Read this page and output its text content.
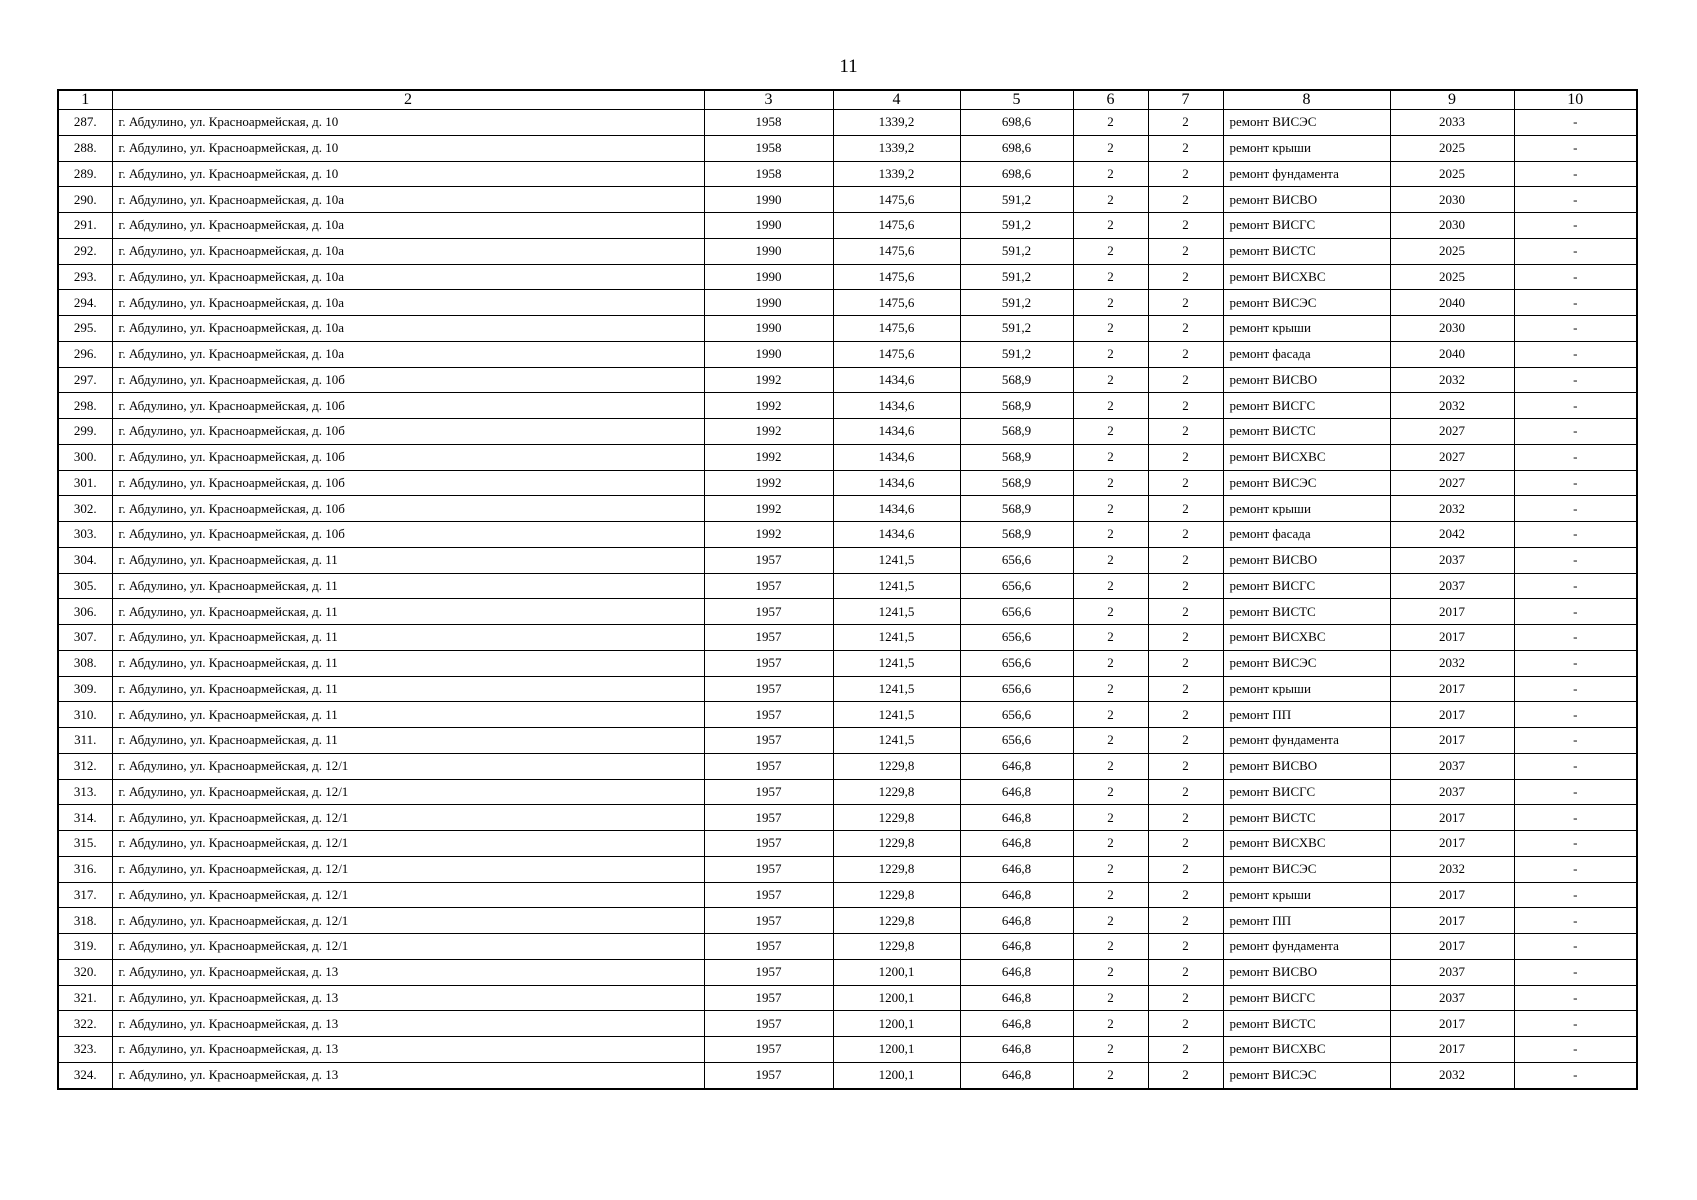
11
1	2	3	4	5	6	7	8	9	10
287.	г. Абдулино, ул. Красноармейская, д. 10	1958	1339,2	698,6	2	2	ремонт ВИСЭС	2033	-
288.	г. Абдулино, ул. Красноармейская, д. 10	1958	1339,2	698,6	2	2	ремонт крыши	2025	-
289.	г. Абдулино, ул. Красноармейская, д. 10	1958	1339,2	698,6	2	2	ремонт фундамента	2025	-
290.	г. Абдулино, ул. Красноармейская, д. 10а	1990	1475,6	591,2	2	2	ремонт ВИСВО	2030	-
291.	г. Абдулино, ул. Красноармейская, д. 10а	1990	1475,6	591,2	2	2	ремонт ВИСГС	2030	-
292.	г. Абдулино, ул. Красноармейская, д. 10а	1990	1475,6	591,2	2	2	ремонт ВИСТС	2025	-
293.	г. Абдулино, ул. Красноармейская, д. 10а	1990	1475,6	591,2	2	2	ремонт ВИСХВС	2025	-
294.	г. Абдулино, ул. Красноармейская, д. 10а	1990	1475,6	591,2	2	2	ремонт ВИСЭС	2040	-
295.	г. Абдулино, ул. Красноармейская, д. 10а	1990	1475,6	591,2	2	2	ремонт крыши	2030	-
296.	г. Абдулино, ул. Красноармейская, д. 10а	1990	1475,6	591,2	2	2	ремонт фасада	2040	-
297.	г. Абдулино, ул. Красноармейская, д. 10б	1992	1434,6	568,9	2	2	ремонт ВИСВО	2032	-
298.	г. Абдулино, ул. Красноармейская, д. 10б	1992	1434,6	568,9	2	2	ремонт ВИСГС	2032	-
299.	г. Абдулино, ул. Красноармейская, д. 10б	1992	1434,6	568,9	2	2	ремонт ВИСТС	2027	-
300.	г. Абдулино, ул. Красноармейская, д. 10б	1992	1434,6	568,9	2	2	ремонт ВИСХВС	2027	-
301.	г. Абдулино, ул. Красноармейская, д. 10б	1992	1434,6	568,9	2	2	ремонт ВИСЭС	2027	-
302.	г. Абдулино, ул. Красноармейская, д. 10б	1992	1434,6	568,9	2	2	ремонт крыши	2032	-
303.	г. Абдулино, ул. Красноармейская, д. 10б	1992	1434,6	568,9	2	2	ремонт фасада	2042	-
304.	г. Абдулино, ул. Красноармейская, д. 11	1957	1241,5	656,6	2	2	ремонт ВИСВО	2037	-
305.	г. Абдулино, ул. Красноармейская, д. 11	1957	1241,5	656,6	2	2	ремонт ВИСГС	2037	-
306.	г. Абдулино, ул. Красноармейская, д. 11	1957	1241,5	656,6	2	2	ремонт ВИСТС	2017	-
307.	г. Абдулино, ул. Красноармейская, д. 11	1957	1241,5	656,6	2	2	ремонт ВИСХВС	2017	-
308.	г. Абдулино, ул. Красноармейская, д. 11	1957	1241,5	656,6	2	2	ремонт ВИСЭС	2032	-
309.	г. Абдулино, ул. Красноармейская, д. 11	1957	1241,5	656,6	2	2	ремонт крыши	2017	-
310.	г. Абдулино, ул. Красноармейская, д. 11	1957	1241,5	656,6	2	2	ремонт ПП	2017	-
311.	г. Абдулино, ул. Красноармейская, д. 11	1957	1241,5	656,6	2	2	ремонт фундамента	2017	-
312.	г. Абдулино, ул. Красноармейская, д. 12/1	1957	1229,8	646,8	2	2	ремонт ВИСВО	2037	-
313.	г. Абдулино, ул. Красноармейская, д. 12/1	1957	1229,8	646,8	2	2	ремонт ВИСГС	2037	-
314.	г. Абдулино, ул. Красноармейская, д. 12/1	1957	1229,8	646,8	2	2	ремонт ВИСТС	2017	-
315.	г. Абдулино, ул. Красноармейская, д. 12/1	1957	1229,8	646,8	2	2	ремонт ВИСХВС	2017	-
316.	г. Абдулино, ул. Красноармейская, д. 12/1	1957	1229,8	646,8	2	2	ремонт ВИСЭС	2032	-
317.	г. Абдулино, ул. Красноармейская, д. 12/1	1957	1229,8	646,8	2	2	ремонт крыши	2017	-
318.	г. Абдулино, ул. Красноармейская, д. 12/1	1957	1229,8	646,8	2	2	ремонт ПП	2017	-
319.	г. Абдулино, ул. Красноармейская, д. 12/1	1957	1229,8	646,8	2	2	ремонт фундамента	2017	-
320.	г. Абдулино, ул. Красноармейская, д. 13	1957	1200,1	646,8	2	2	ремонт ВИСВО	2037	-
321.	г. Абдулино, ул. Красноармейская, д. 13	1957	1200,1	646,8	2	2	ремонт ВИСГС	2037	-
322.	г. Абдулино, ул. Красноармейская, д. 13	1957	1200,1	646,8	2	2	ремонт ВИСТС	2017	-
323.	г. Абдулино, ул. Красноармейская, д. 13	1957	1200,1	646,8	2	2	ремонт ВИСХВС	2017	-
324.	г. Абдулино, ул. Красноармейская, д. 13	1957	1200,1	646,8	2	2	ремонт ВИСЭС	2032	-
